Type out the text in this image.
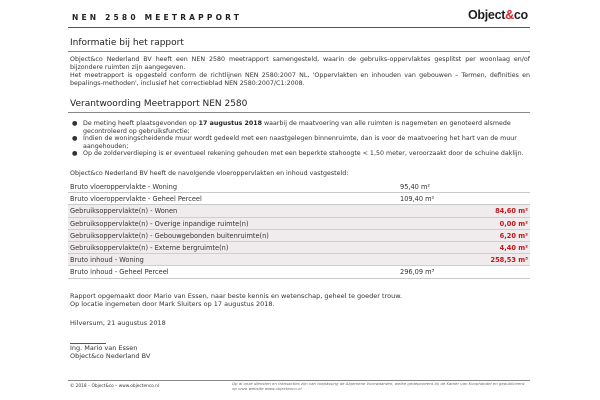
NEN 2580 MEETRAPPORT	Object&co
Informatie bij het rapport
Object&co Nederland BV heeft een NEN 2580 meetrapport samengesteld, waarin de gebruiks-oppervlaktes gesplitst per woonlaag en/of bijzondere ruimten zijn aangegeven.
Het meetrapport is opgesteld conform de richtlijnen NEN 2580:2007 NL, 'Oppervlakten en inhouden van gebouwen – Termen, definities en bepalings-methoden', inclusief het correctieblad NEN 2580:2007/C1:2008.
Verantwoording Meetrapport NEN 2580
● De meting heeft plaatsgevonden op 17 augustus 2018 waarbij de maatvoering van alle ruimten is nagemeten en genoteerd alsmede gecontroleerd op gebruiksfunctie;
● Indien de woningscheidende muur wordt gedeeld met een naastgelegen binnenruimte, dan is voor de maatvoering het hart van de muur aangehouden;
● Op de zolderverdieping is er eventueel rekening gehouden met een beperkte stahoogte < 1,50 meter, veroorzaakt door de schuine daklijn.
Object&co Nederland BV heeft de navolgende vloeroppervlakten en inhoud vastgesteld:
Bruto vloeroppervlakte - Woning	95,40 m²
Bruto vloeroppervlakte - Geheel Perceel	109,40 m²
Gebruiksoppervlakte(n) - Wonen	84,60 m²
Gebruiksoppervlakte(n) - Overige inpandige ruimte(n)	0,00 m²
Gebruiksoppervlakte(n) - Gebouwgebonden buitenruimte(n)	6,20 m²
Gebruiksoppervlakte(n) - Externe bergruimte(n)	4,40 m²
Bruto inhoud - Woning	258,53 m³
Bruto inhoud - Geheel Perceel	296,09 m³
Rapport opgemaakt door Mario van Essen, naar beste kennis en wetenschap, geheel te goeder trouw.
Op locatie ingemeten door Mark Sluiters op 17 augustus 2018.
Hilversum, 21 augustus 2018
Ing. Mario van Essen
Object&co Nederland BV
© 2018 – Object&co – www.objectenco.nl
Op al onze diensten en transacties zijn van toepassing de Algemene Voorwaarden, welke gedeponeerd bij de Kamer van Koophandel en gepubliceerd op onze website www.objectenco.nl
